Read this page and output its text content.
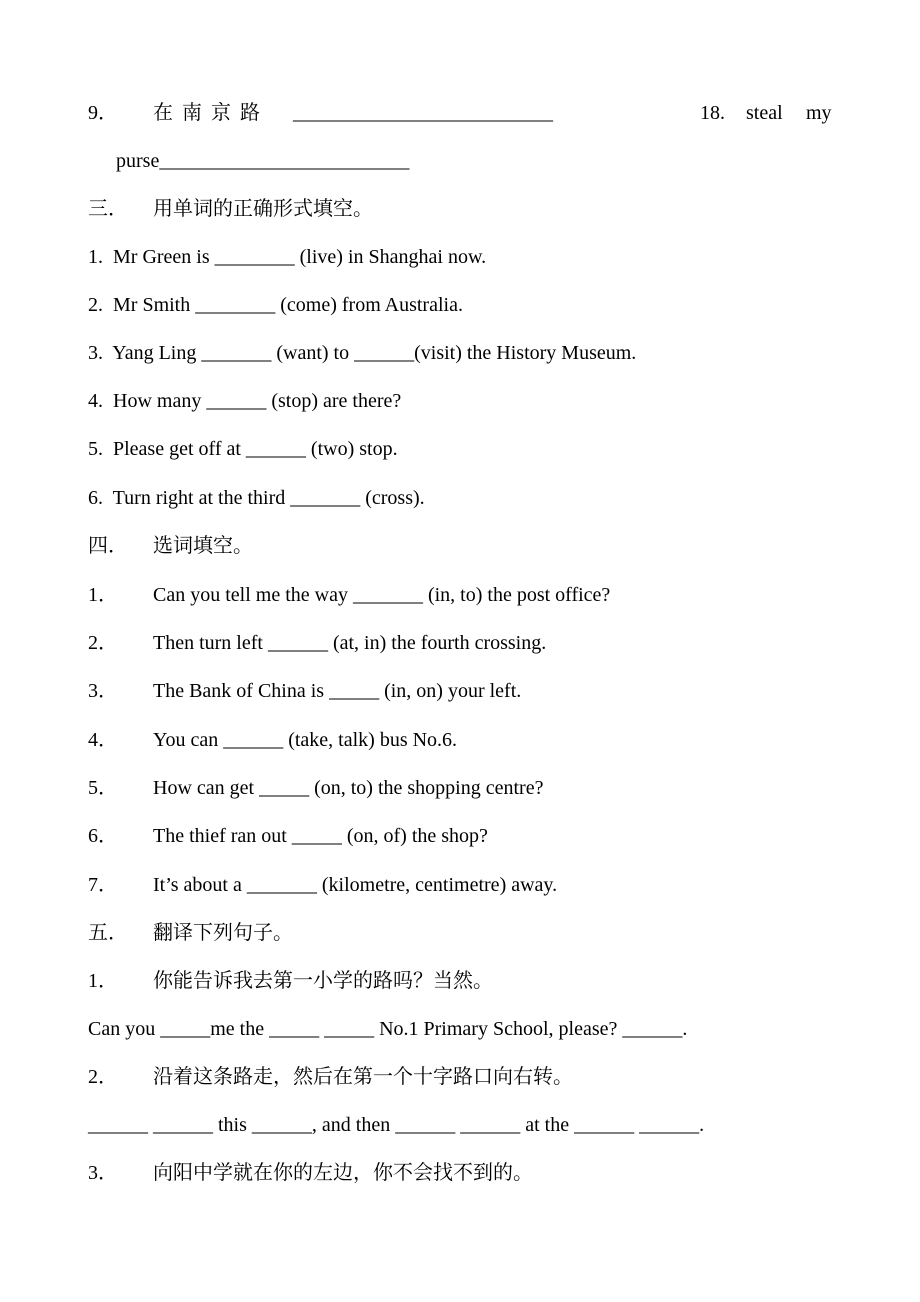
9． 在 南 京 路 __________________________	18. steal my
purse_________________________
三． 用单词的正确形式填空。
1.  Mr Green is ________ (live) in Shanghai now.
2.  Mr Smith ________ (come) from Australia.
3.  Yang Ling _______ (want) to ______(visit) the History Museum.
4.  How many ______ (stop) are there?
5.  Please get off at ______ (two) stop.
6.  Turn right at the third _______ (cross).
四． 选词填空。
1． Can you tell me the way _______ (in, to) the post office?
2． Then turn left ______ (at, in) the fourth crossing.
3． The Bank of China is _____ (in, on) your left.
4． You can ______ (take, talk) bus No.6.
5． How can get _____ (on, to) the shopping centre?
6． The thief ran out _____ (on, of) the shop?
7． It’s about a _______ (kilometre, centimetre) away.
五． 翻译下列句子。
1． 你能告诉我去第一小学的路吗？当然。
Can you _____me the _____ _____ No.1 Primary School, please? ______.
2． 沿着这条路走，然后在第一个十字路口向右转。
______ ______ this ______, and then ______ ______ at the ______ ______.
3． 向阳中学就在你的左边，你不会找不到的。
